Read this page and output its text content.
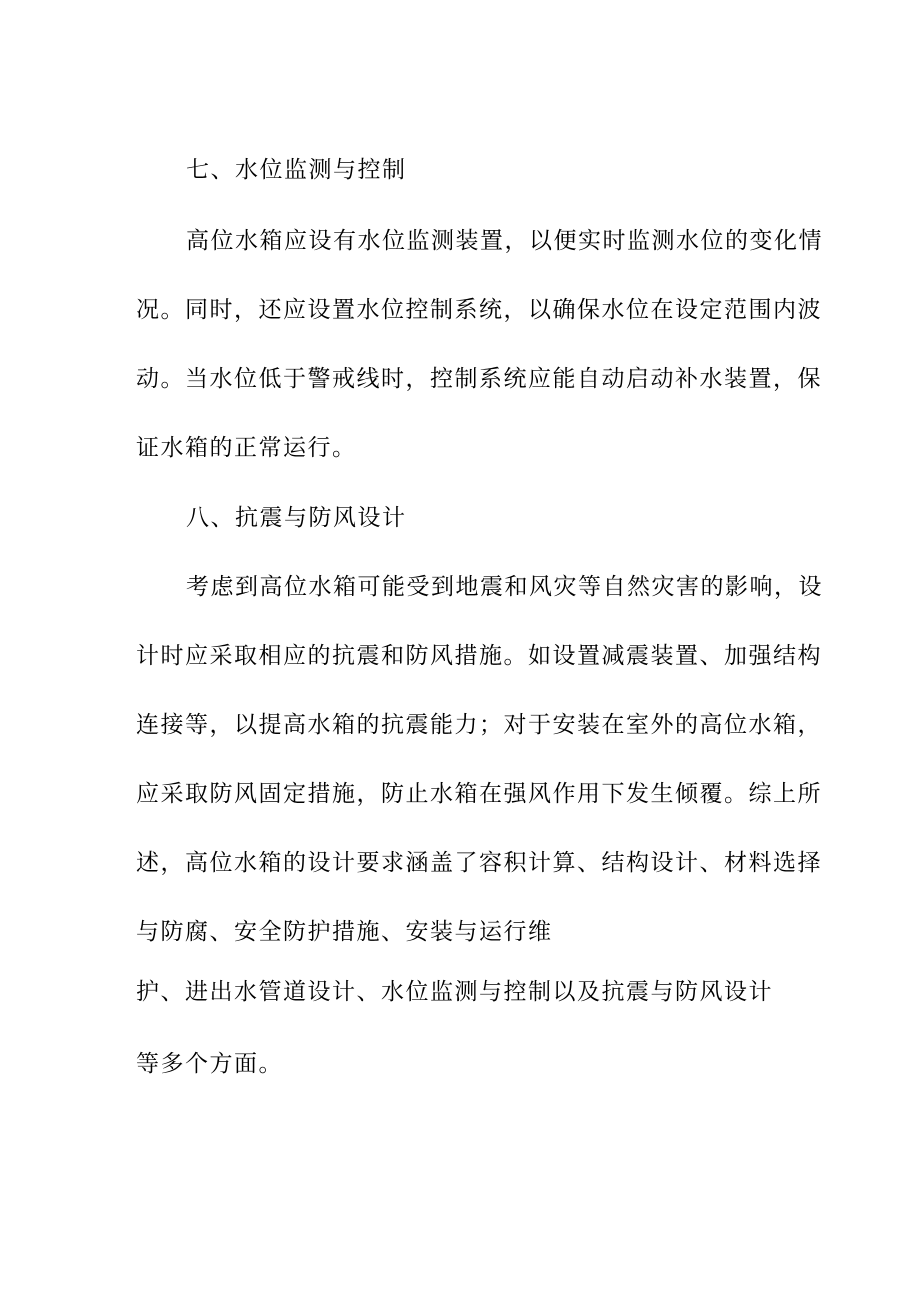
七、水位监测与控制
高位水箱应设有水位监测装置，以便实时监测水位的变化情
况。同时，还应设置水位控制系统，以确保水位在设定范围内波
动。当水位低于警戒线时，控制系统应能自动启动补水装置，保
证水箱的正常运行。
八、抗震与防风设计
考虑到高位水箱可能受到地震和风灾等自然灾害的影响，设
计时应采取相应的抗震和防风措施。如设置减震装置、加强结构
连接等，以提高水箱的抗震能力；对于安装在室外的高位水箱，
应采取防风固定措施，防止水箱在强风作用下发生倾覆。综上所
述，高位水箱的设计要求涵盖了容积计算、结构设计、材料选择
与防腐、安全防护措施、安装与运行维
护、进出水管道设计、水位监测与控制以及抗震与防风设计
等多个方面。
